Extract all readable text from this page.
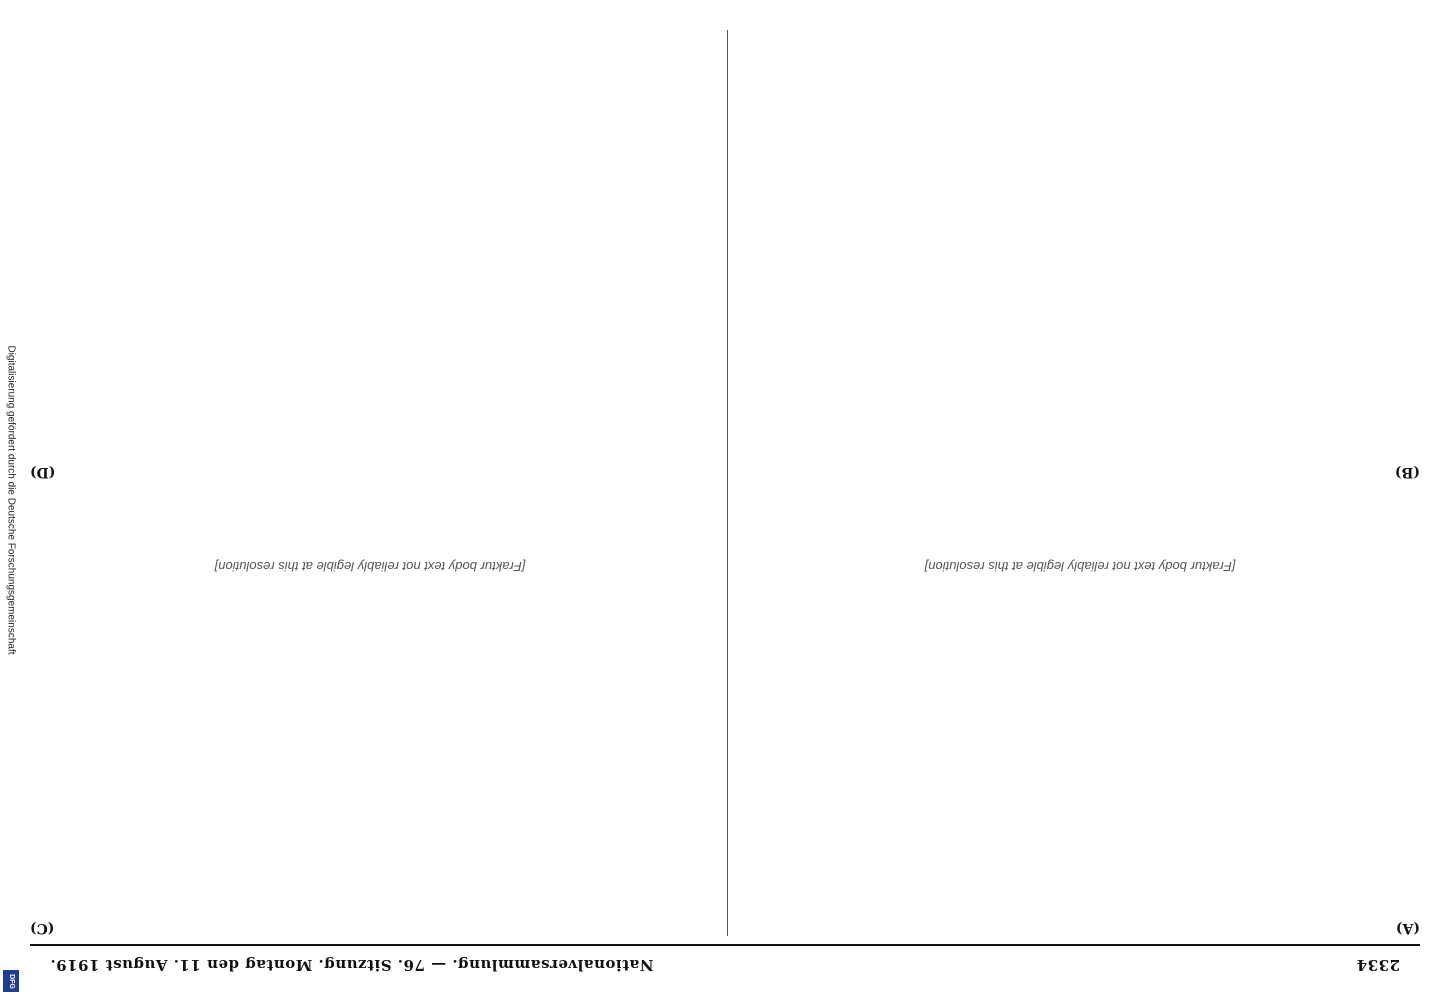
Digitalisierung gefördert durch die Deutsche Forschungsgemeinschaft
DFG
2334
Nationalversammlung. — 76. Sitzung. Montag den 11. August 1919.
(A)
(B)
(C)
(D)
[Fraktur body text not reliably legible at this resolution]
[Fraktur body text not reliably legible at this resolution]
